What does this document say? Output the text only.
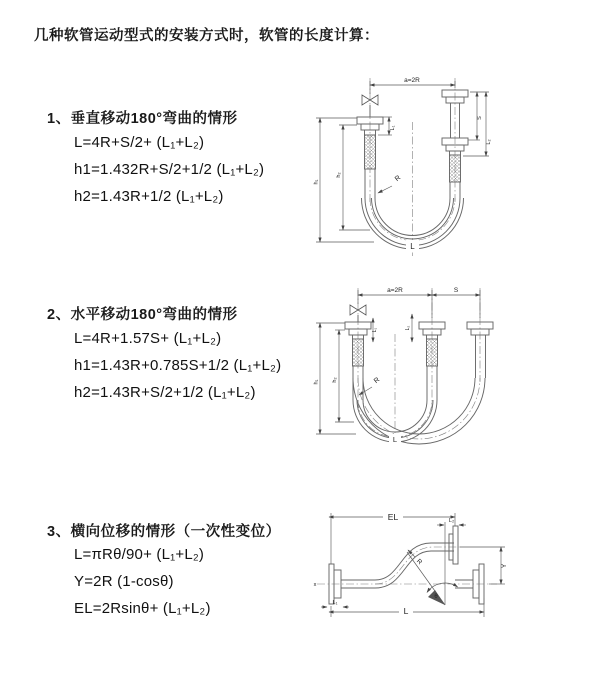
几种软管运动型式的安装方式时，软管的长度计算：
1、垂直移动180°弯曲的情形
L=4R+S/2+ (L₁+L₂)
h1=1.432R+S/2+1/2 (L₁+L₂)
h2=1.43R+1/2 (L₁+L₂)
2、水平移动180°弯曲的情形
L=4R+1.57S+ (L₁+L₂)
h1=1.43R+0.785S+1/2 (L₁+L₂)
h2=1.43R+S/2+1/2 (L₁+L₂)
3、横向位移的情形（一次性变位）
L=πRθ/90+ (L₁+L₂)
Y=2R (1-cosθ)
EL=2Rsinθ+ (L₁+L₂)
a=2R
L₁
S
L₂
h₁
h₂	R
L
a=2R	S
L₁	L₂
h₁ h₂	R
L
EL	L₂
Y
θ
R
L
L₁
x
